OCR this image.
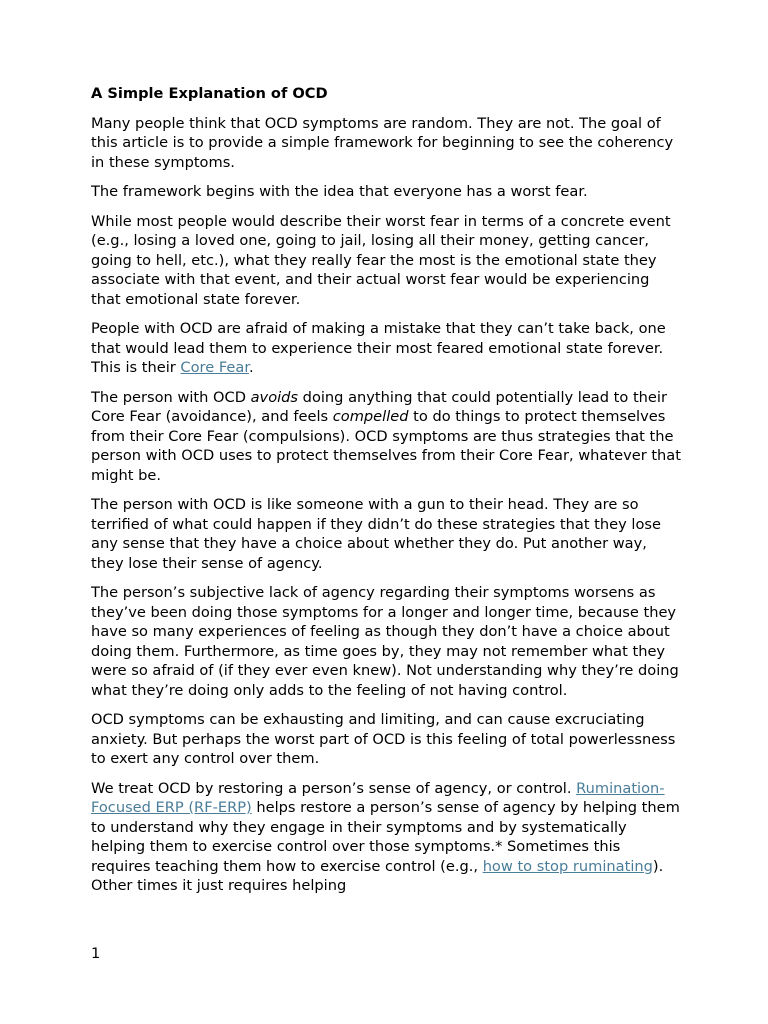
A Simple Explanation of OCD

Many people think that OCD symptoms are random. They are not. The goal of this article is to provide a simple framework for beginning to see the coherency in these symptoms.

The framework begins with the idea that everyone has a worst fear.

While most people would describe their worst fear in terms of a concrete event (e.g., losing a loved one, going to jail, losing all their money, getting cancer, going to hell, etc.), what they really fear the most is the emotional state they associate with that event, and their actual worst fear would be experiencing that emotional state forever.

People with OCD are afraid of making a mistake that they can’t take back, one that would lead them to experience their most feared emotional state forever. This is their Core Fear.

The person with OCD avoids doing anything that could potentially lead to their Core Fear (avoidance), and feels compelled to do things to protect themselves from their Core Fear (compulsions). OCD symptoms are thus strategies that the person with OCD uses to protect themselves from their Core Fear, whatever that might be.

The person with OCD is like someone with a gun to their head. They are so terrified of what could happen if they didn’t do these strategies that they lose any sense that they have a choice about whether they do. Put another way, they lose their sense of agency.

The person’s subjective lack of agency regarding their symptoms worsens as they’ve been doing those symptoms for a longer and longer time, because they have so many experiences of feeling as though they don’t have a choice about doing them. Furthermore, as time goes by, they may not remember what they were so afraid of (if they ever even knew). Not understanding why they’re doing what they’re doing only adds to the feeling of not having control.

OCD symptoms can be exhausting and limiting, and can cause excruciating anxiety. But perhaps the worst part of OCD is this feeling of total powerlessness to exert any control over them.

We treat OCD by restoring a person’s sense of agency, or control. Rumination-Focused ERP (RF-ERP) helps restore a person’s sense of agency by helping them to understand why they engage in their symptoms and by systematically helping them to exercise control over those symptoms.* Sometimes this requires teaching them how to exercise control (e.g., how to stop ruminating). Other times it just requires helping

1
